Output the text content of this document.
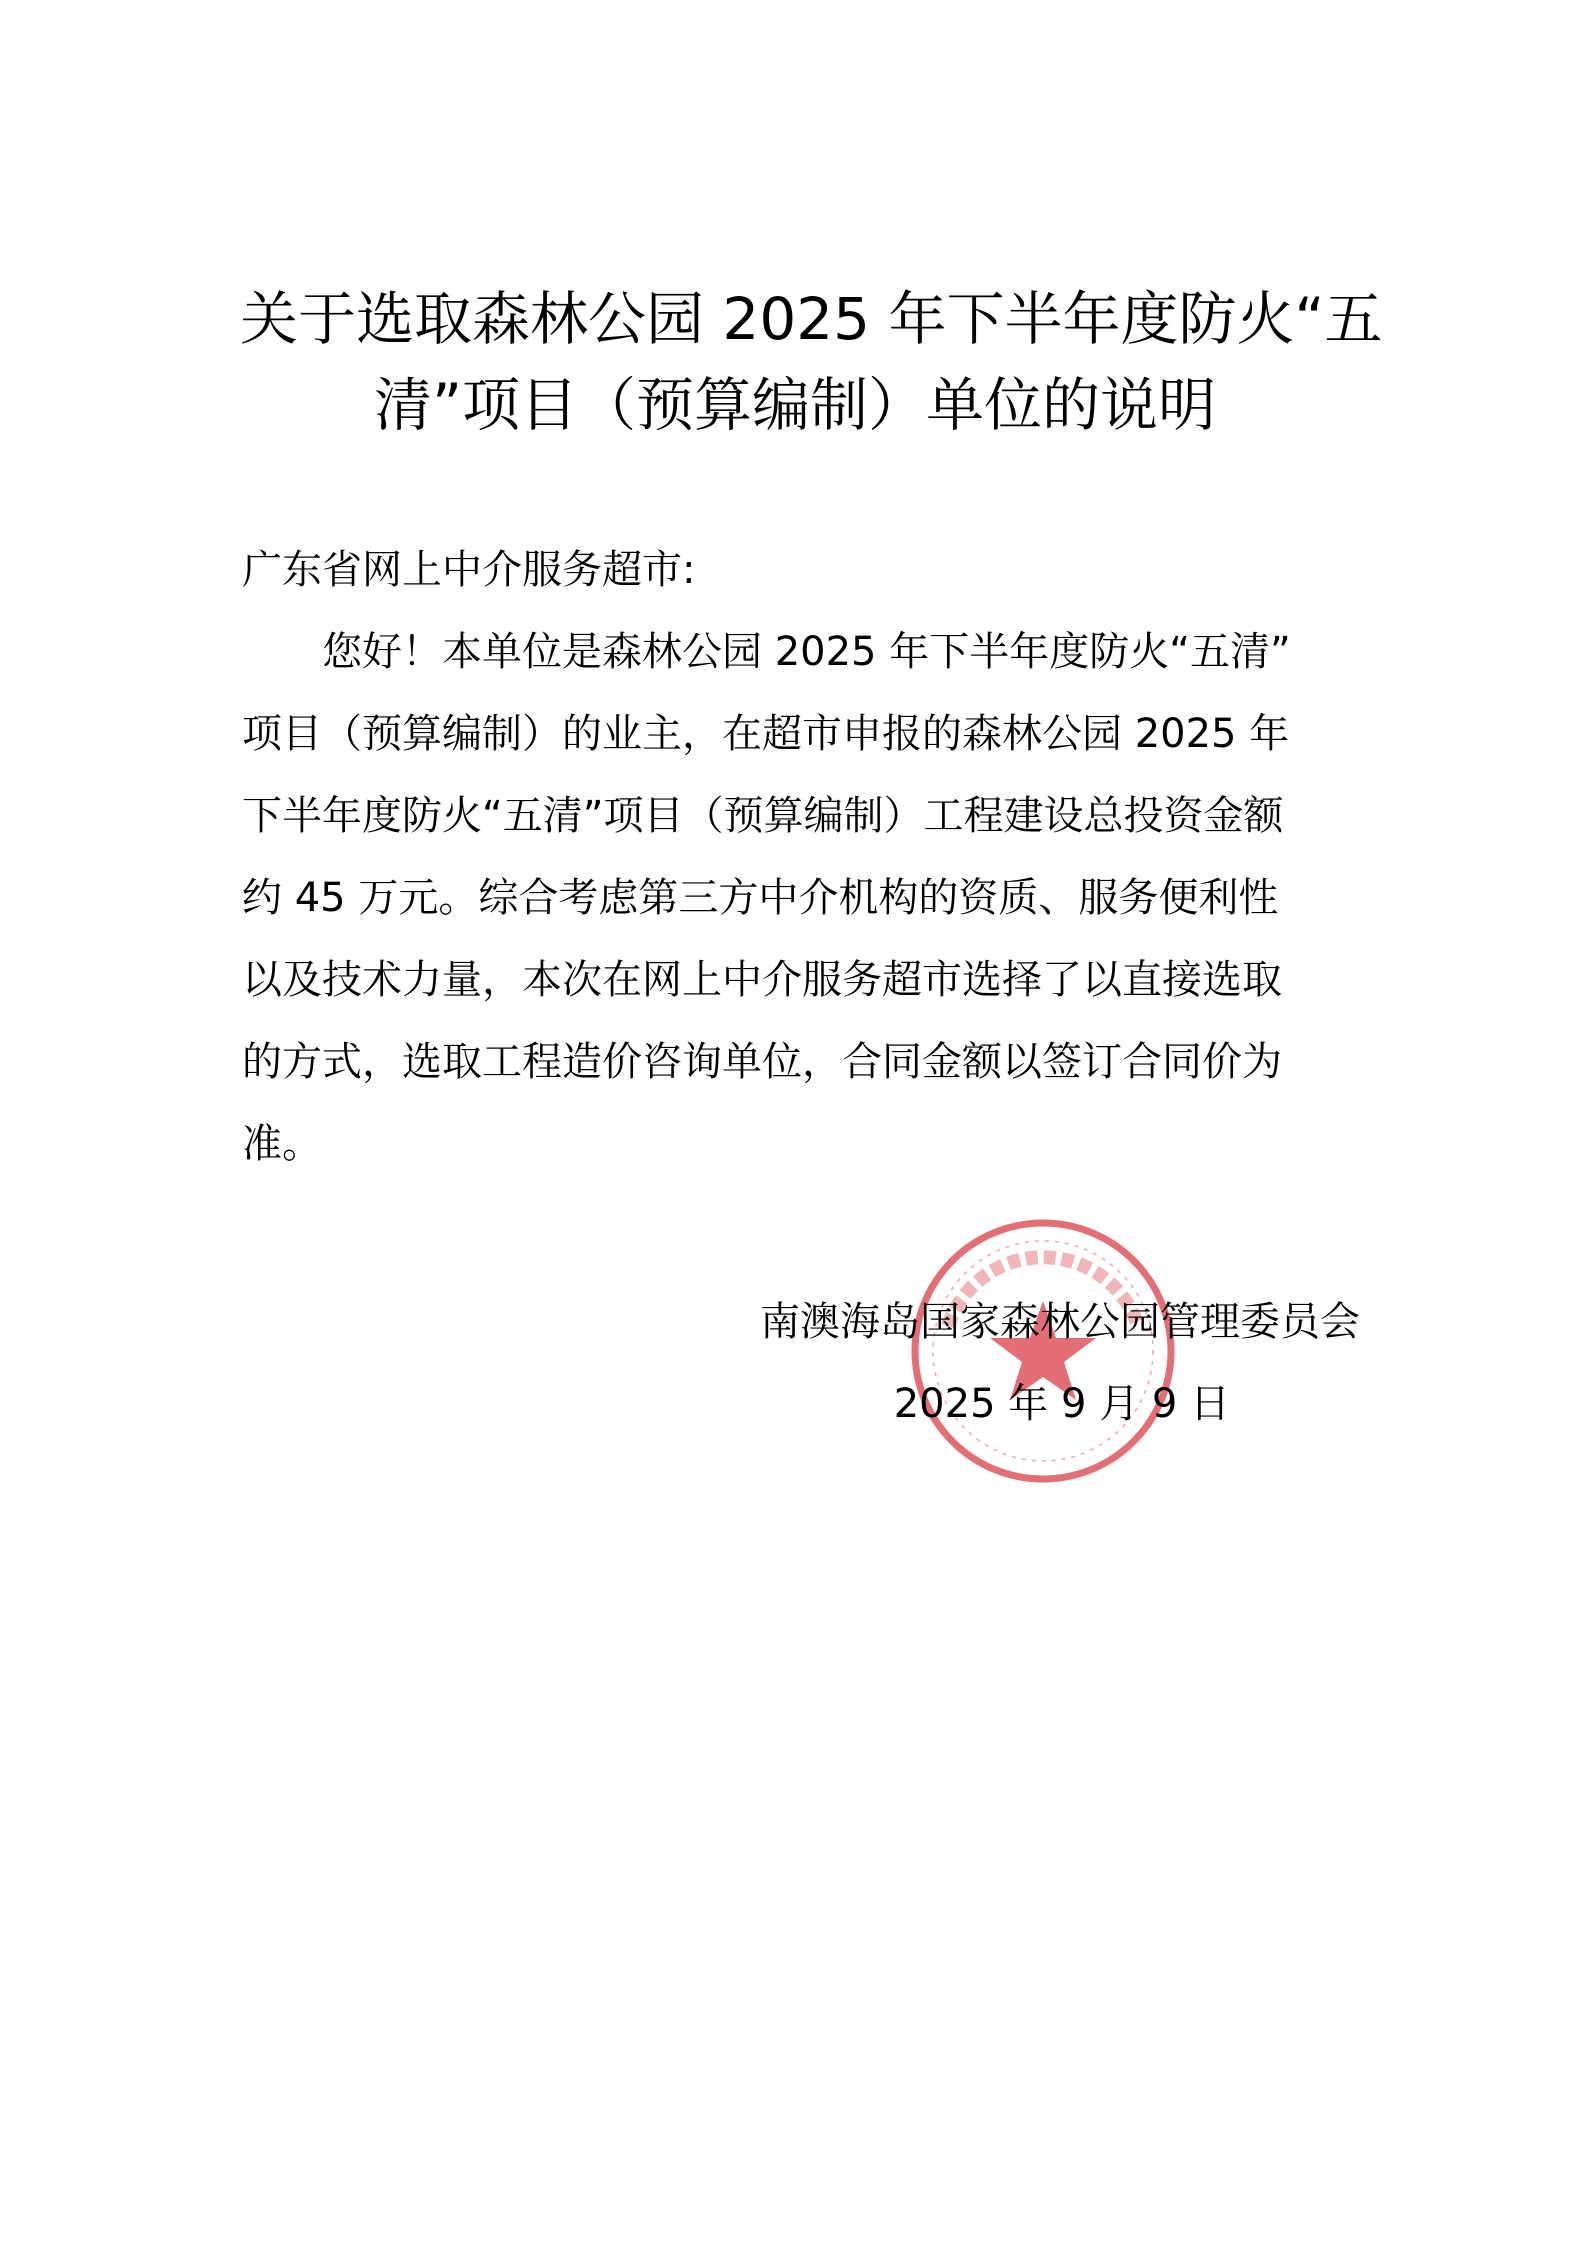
关于选取森林公园 2025 年下半年度防火“五
清”项目（预算编制）单位的说明
广东省网上中介服务超市:
　　您好！本单位是森林公园 2025 年下半年度防火“五清”
项目（预算编制）的业主，在超市申报的森林公园 2025 年
下半年度防火“五清”项目（预算编制）工程建设总投资金额
约 45 万元。综合考虑第三方中介机构的资质、服务便利性
以及技术力量，本次在网上中介服务超市选择了以直接选取
的方式，选取工程造价咨询单位，合同金额以签订合同价为
准。
南澳海岛国家森林公园管理委员会
2025 年 9 月 9 日
